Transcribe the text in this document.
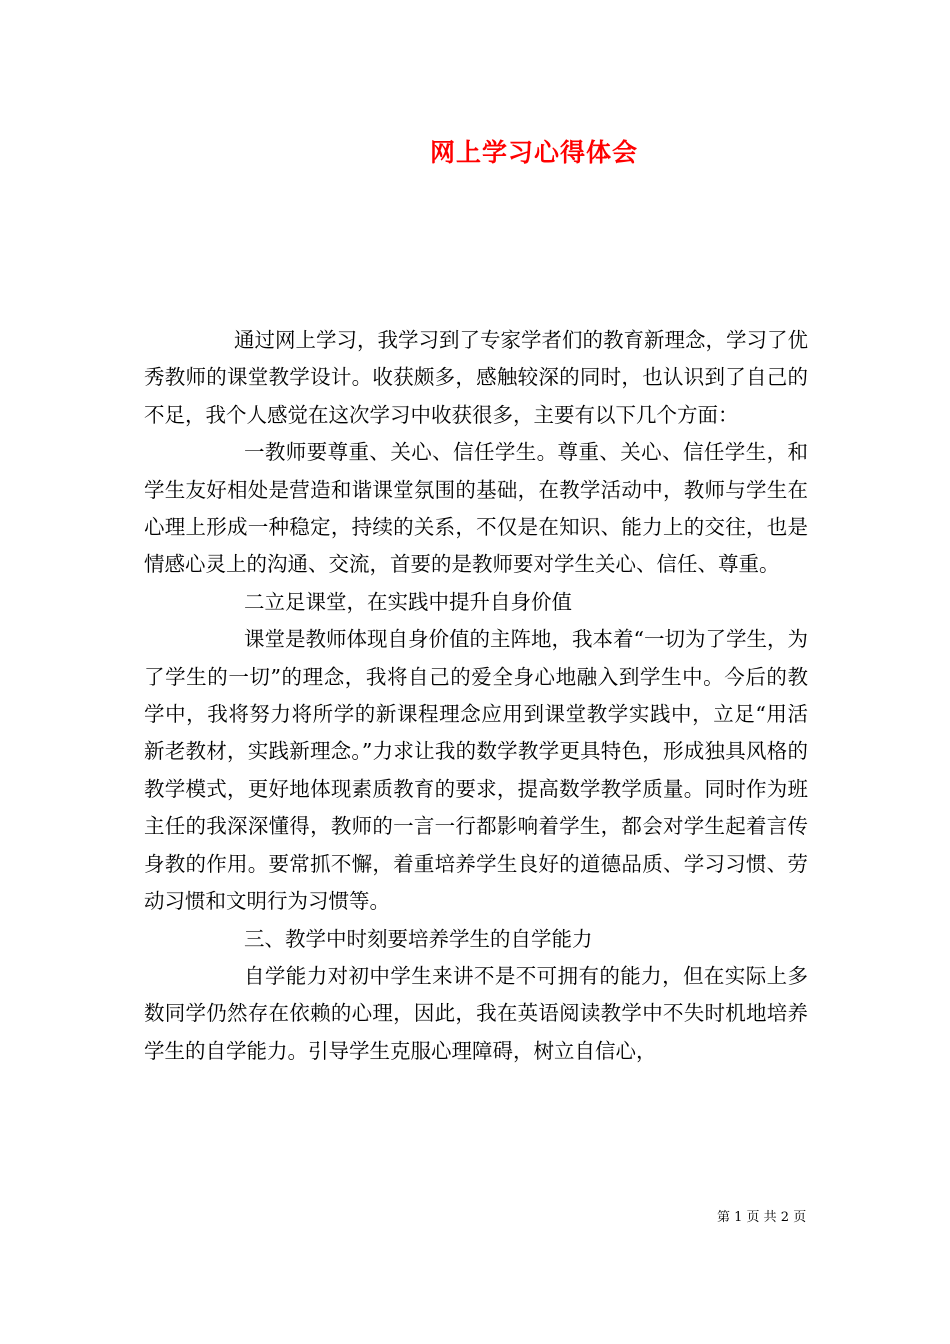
网上学习心得体会

通过网上学习，我学习到了专家学者们的教育新理念，学习了优秀教师的课堂教学设计。收获颇多，感触较深的同时，也认识到了自己的不足，我个人感觉在这次学习中收获很多，主要有以下几个方面：

一教师要尊重、关心、信任学生。尊重、关心、信任学生，和学生友好相处是营造和谐课堂氛围的基础，在教学活动中，教师与学生在心理上形成一种稳定，持续的关系，不仅是在知识、能力上的交往，也是情感心灵上的沟通、交流，首要的是教师要对学生关心、信任、尊重。

二立足课堂，在实践中提升自身价值

课堂是教师体现自身价值的主阵地，我本着“一切为了学生，为了学生的一切”的理念，我将自己的爱全身心地融入到学生中。今后的教学中，我将努力将所学的新课程理念应用到课堂教学实践中，立足“用活新老教材，实践新理念。”力求让我的数学教学更具特色，形成独具风格的教学模式，更好地体现素质教育的要求，提高数学教学质量。同时作为班主任的我深深懂得，教师的一言一行都影响着学生，都会对学生起着言传身教的作用。要常抓不懈，着重培养学生良好的道德品质、学习习惯、劳动习惯和文明行为习惯等。

三、教学中时刻要培养学生的自学能力

自学能力对初中学生来讲不是不可拥有的能力，但在实际上多数同学仍然存在依赖的心理，因此，我在英语阅读教学中不失时机地培养学生的自学能力。引导学生克服心理障碍，树立自信心，

第 1 页 共 2 页
